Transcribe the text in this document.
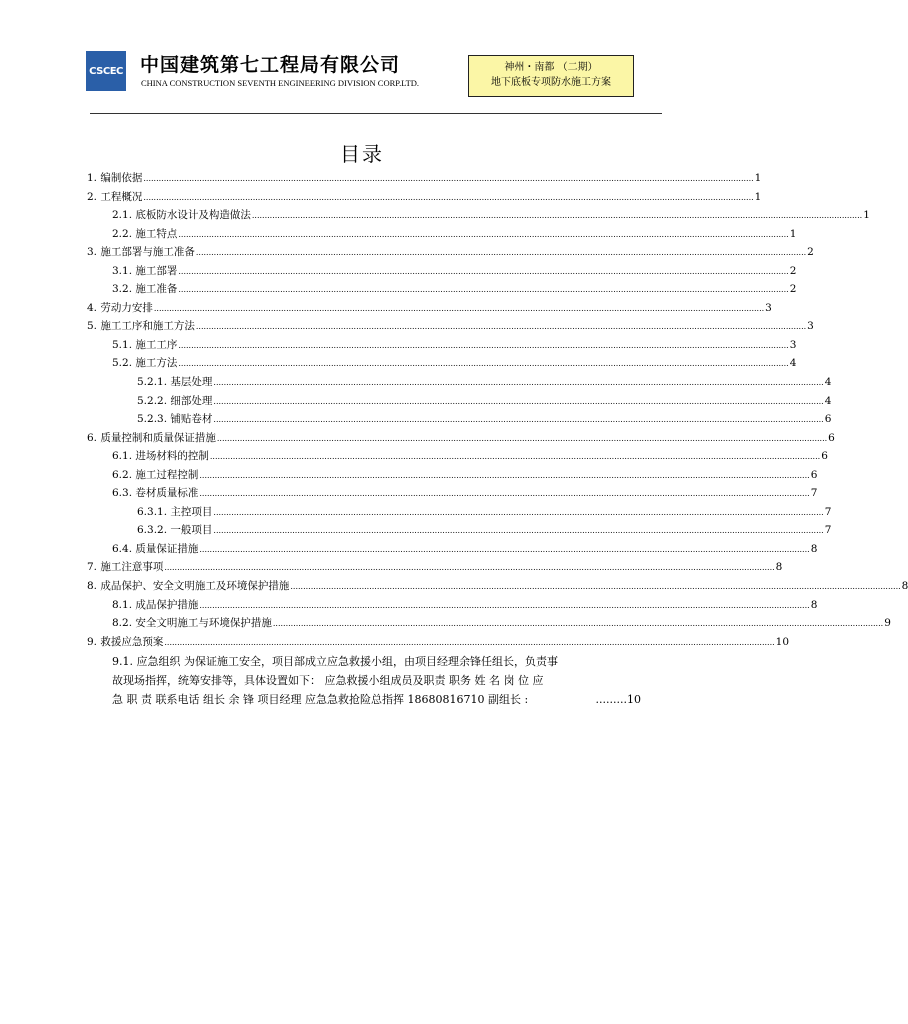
CSCEC 中国建筑第七工程局有限公司
CHINA CONSTRUCTION SEVENTH ENGINEERING DIVISION CORP.LTD.
神州・南都 （二期）
地下底板专项防水施工方案
目录
1. 编制依据 ................................................................................................................................................................................................................................................ 1
2. 工程概况 ................................................................................................................................................................................................................................................ 1
2.1. 底板防水设计及构造做法 ................................................................................................................................................................................................................................................ 1
2.2. 施工特点 ................................................................................................................................................................................................................................................ 1
3. 施工部署与施工准备 ................................................................................................................................................................................................................................................ 2
3.1. 施工部署 ................................................................................................................................................................................................................................................ 2
3.2. 施工准备 ................................................................................................................................................................................................................................................ 2
4. 劳动力安排 ................................................................................................................................................................................................................................................ 3
5. 施工工序和施工方法 ................................................................................................................................................................................................................................................ 3
5.1. 施工工序 ................................................................................................................................................................................................................................................ 3
5.2. 施工方法 ................................................................................................................................................................................................................................................ 4
5.2.1. 基层处理 ................................................................................................................................................................................................................................................ 4
5.2.2. 细部处理 ................................................................................................................................................................................................................................................ 4
5.2.3. 铺贴卷材 ................................................................................................................................................................................................................................................ 6
6. 质量控制和质量保证措施 ................................................................................................................................................................................................................................................ 6
6.1. 进场材料的控制 ................................................................................................................................................................................................................................................ 6
6.2. 施工过程控制 ................................................................................................................................................................................................................................................ 6
6.3. 卷材质量标准 ................................................................................................................................................................................................................................................ 7
6.3.1. 主控项目 ................................................................................................................................................................................................................................................ 7
6.3.2. 一般项目 ................................................................................................................................................................................................................................................ 7
6.4. 质量保证措施 ................................................................................................................................................................................................................................................ 8
7. 施工注意事项 ................................................................................................................................................................................................................................................ 8
8. 成品保护、安全文明施工及环境保护措施 ................................................................................................................................................................................................................................................ 8
8.1. 成品保护措施 ................................................................................................................................................................................................................................................ 8
8.2. 安全文明施工与环境保护措施 ................................................................................................................................................................................................................................................ 9
9. 救援应急预案 ................................................................................................................................................................................................................................................ 10
9.1. 应急组织 为保证施工安全，项目部成立应急救援小组，由项目经理余锋任组长，负责事
故现场指挥，统筹安排等，具体设置如下： 应急救援小组成员及职责 职务 姓 名 岗 位 应
急 职 责 联系电话 组长 余 锋 项目经理 应急急救抢险总指挥 18680816710 副组长 :	......... 10
